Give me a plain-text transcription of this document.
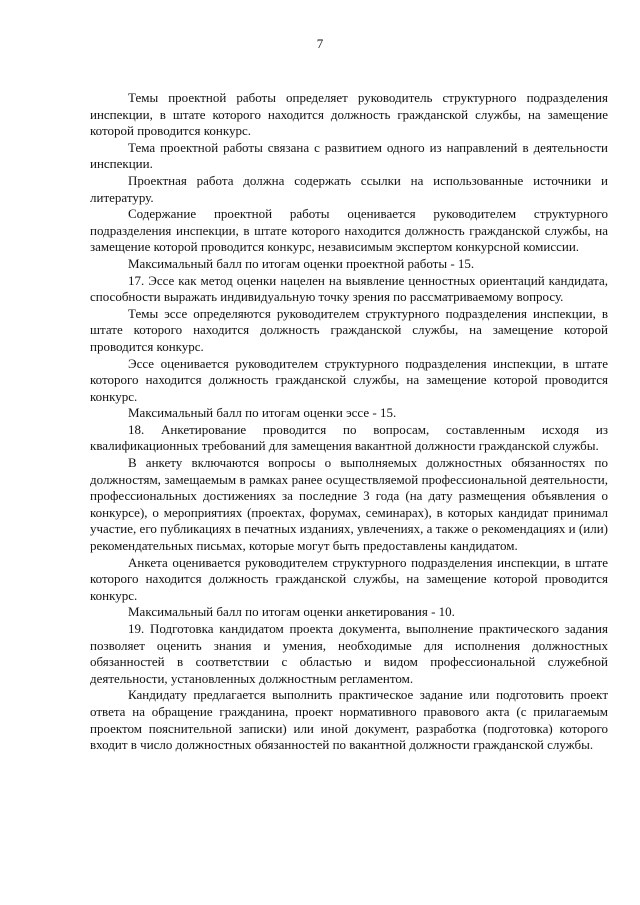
7

Темы проектной работы определяет руководитель структурного подразделения инспекции, в штате которого находится должность гражданской службы, на замещение которой проводится конкурс.

Тема проектной работы связана с развитием одного из направлений в деятельности инспекции.

Проектная работа должна содержать ссылки на использованные источники и литературу.

Содержание проектной работы оценивается руководителем структурного подразделения инспекции, в штате которого находится должность гражданской службы, на замещение которой проводится конкурс, независимым экспертом конкурсной комиссии.

Максимальный балл по итогам оценки проектной работы - 15.

17. Эссе как метод оценки нацелен на выявление ценностных ориентаций кандидата, способности выражать индивидуальную точку зрения по рассматриваемому вопросу.

Темы эссе определяются руководителем структурного подразделения инспекции, в штате которого находится должность гражданской службы, на замещение которой проводится конкурс.

Эссе оценивается руководителем структурного подразделения инспекции, в штате которого находится должность гражданской службы, на замещение которой проводится конкурс.

Максимальный балл по итогам оценки эссе - 15.

18. Анкетирование проводится по вопросам, составленным исходя из квалификационных требований для замещения вакантной должности гражданской службы.

В анкету включаются вопросы о выполняемых должностных обязанностях по должностям, замещаемым в рамках ранее осуществляемой профессиональной деятельности, профессиональных достижениях за последние 3 года (на дату размещения объявления о конкурсе), о мероприятиях (проектах, форумах, семинарах), в которых кандидат принимал участие, его публикациях в печатных изданиях, увлечениях, а также о рекомендациях и (или) рекомендательных письмах, которые могут быть предоставлены кандидатом.

Анкета оценивается руководителем структурного подразделения инспекции, в штате которого находится должность гражданской службы, на замещение которой проводится конкурс.

Максимальный балл по итогам оценки анкетирования - 10.

19. Подготовка кандидатом проекта документа, выполнение практического задания позволяет оценить знания и умения, необходимые для исполнения должностных обязанностей в соответствии с областью и видом профессиональной служебной деятельности, установленных должностным регламентом.

Кандидату предлагается выполнить практическое задание или подготовить проект ответа на обращение гражданина, проект нормативного правового акта (с прилагаемым проектом пояснительной записки) или иной документ, разработка (подготовка) которого входит в число должностных обязанностей по вакантной должности гражданской службы.
